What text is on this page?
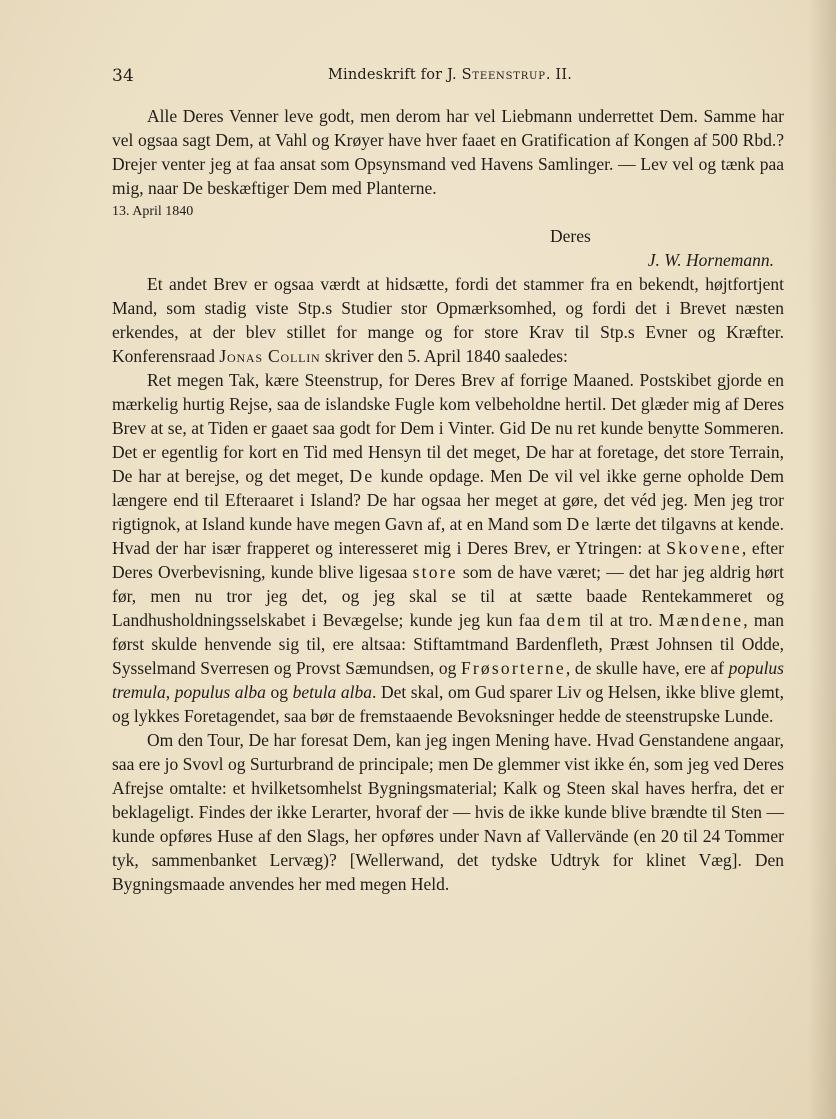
34	Mindeskrift for J. Steenstrup. II.

Alle Deres Venner leve godt, men derom har vel Liebmann underrettet Dem. Samme har vel ogsaa sagt Dem, at Vahl og Krøyer have hver faaet en Gratification af Kongen af 500 Rbd.? Drejer venter jeg at faa ansat som Opsynsmand ved Havens Samlinger. — Lev vel og tænk paa mig, naar De beskæftiger Dem med Planterne.

13. April 1840
Deres
J. W. Hornemann.

Et andet Brev er ogsaa værdt at hidsætte, fordi det stammer fra en bekendt, højtfortjent Mand, som stadig viste Stp.s Studier stor Opmærksomhed, og fordi det i Brevet næsten erkendes, at der blev stillet for mange og for store Krav til Stp.s Evner og Kræfter. Konferensraad Jonas Collin skriver den 5. April 1840 saaledes:

Ret megen Tak, kære Steenstrup, for Deres Brev af forrige Maaned. Postskibet gjorde en mærkelig hurtig Rejse, saa de islandske Fugle kom velbeholdne hertil. Det glæder mig af Deres Brev at se, at Tiden er gaaet saa godt for Dem i Vinter. Gid De nu ret kunde benytte Sommeren. Det er egentlig for kort en Tid med Hensyn til det meget, De har at foretage, det store Terrain, De har at berejse, og det meget, De kunde opdage. Men De vil vel ikke gerne opholde Dem længere end til Efteraaret i Island? De har ogsaa her meget at gøre, det véd jeg. Men jeg tror rigtignok, at Island kunde have megen Gavn af, at en Mand som De lærte det tilgavns at kende. Hvad der har især frapperet og interesseret mig i Deres Brev, er Ytringen: at Skovene, efter Deres Overbevisning, kunde blive ligesaa store som de have været; — det har jeg aldrig hørt før, men nu tror jeg det, og jeg skal se til at sætte baade Rentekammeret og Landhusholdningsselskabet i Bevægelse; kunde jeg kun faa dem til at tro. Mændene, man først skulde henvende sig til, ere altsaa: Stiftamtmand Bardenfleth, Præst Johnsen til Odde, Sysselmand Sverresen og Provst Sæmundsen, og Frøsorterne, de skulle have, ere af populus tremula, populus alba og betula alba. Det skal, om Gud sparer Liv og Helsen, ikke blive glemt, og lykkes Foretagendet, saa bør de fremstaaende Bevoksninger hedde de steenstrupske Lunde.

Om den Tour, De har foresat Dem, kan jeg ingen Mening have. Hvad Genstandene angaar, saa ere jo Svovl og Surturbrand de principale; men De glemmer vist ikke én, som jeg ved Deres Afrejse omtalte: et hvilketsomhelst Bygningsmaterial; Kalk og Steen skal haves herfra, det er beklageligt. Findes der ikke Lerarter, hvoraf der — hvis de ikke kunde blive brændte til Sten — kunde opføres Huse af den Slags, her opføres under Navn af Vallervände (en 20 til 24 Tommer tyk, sammenbanket Lervæg)? [Wellerwand, det tydske Udtryk for klinet Væg]. Den Bygningsmaade anvendes her med megen Held.
